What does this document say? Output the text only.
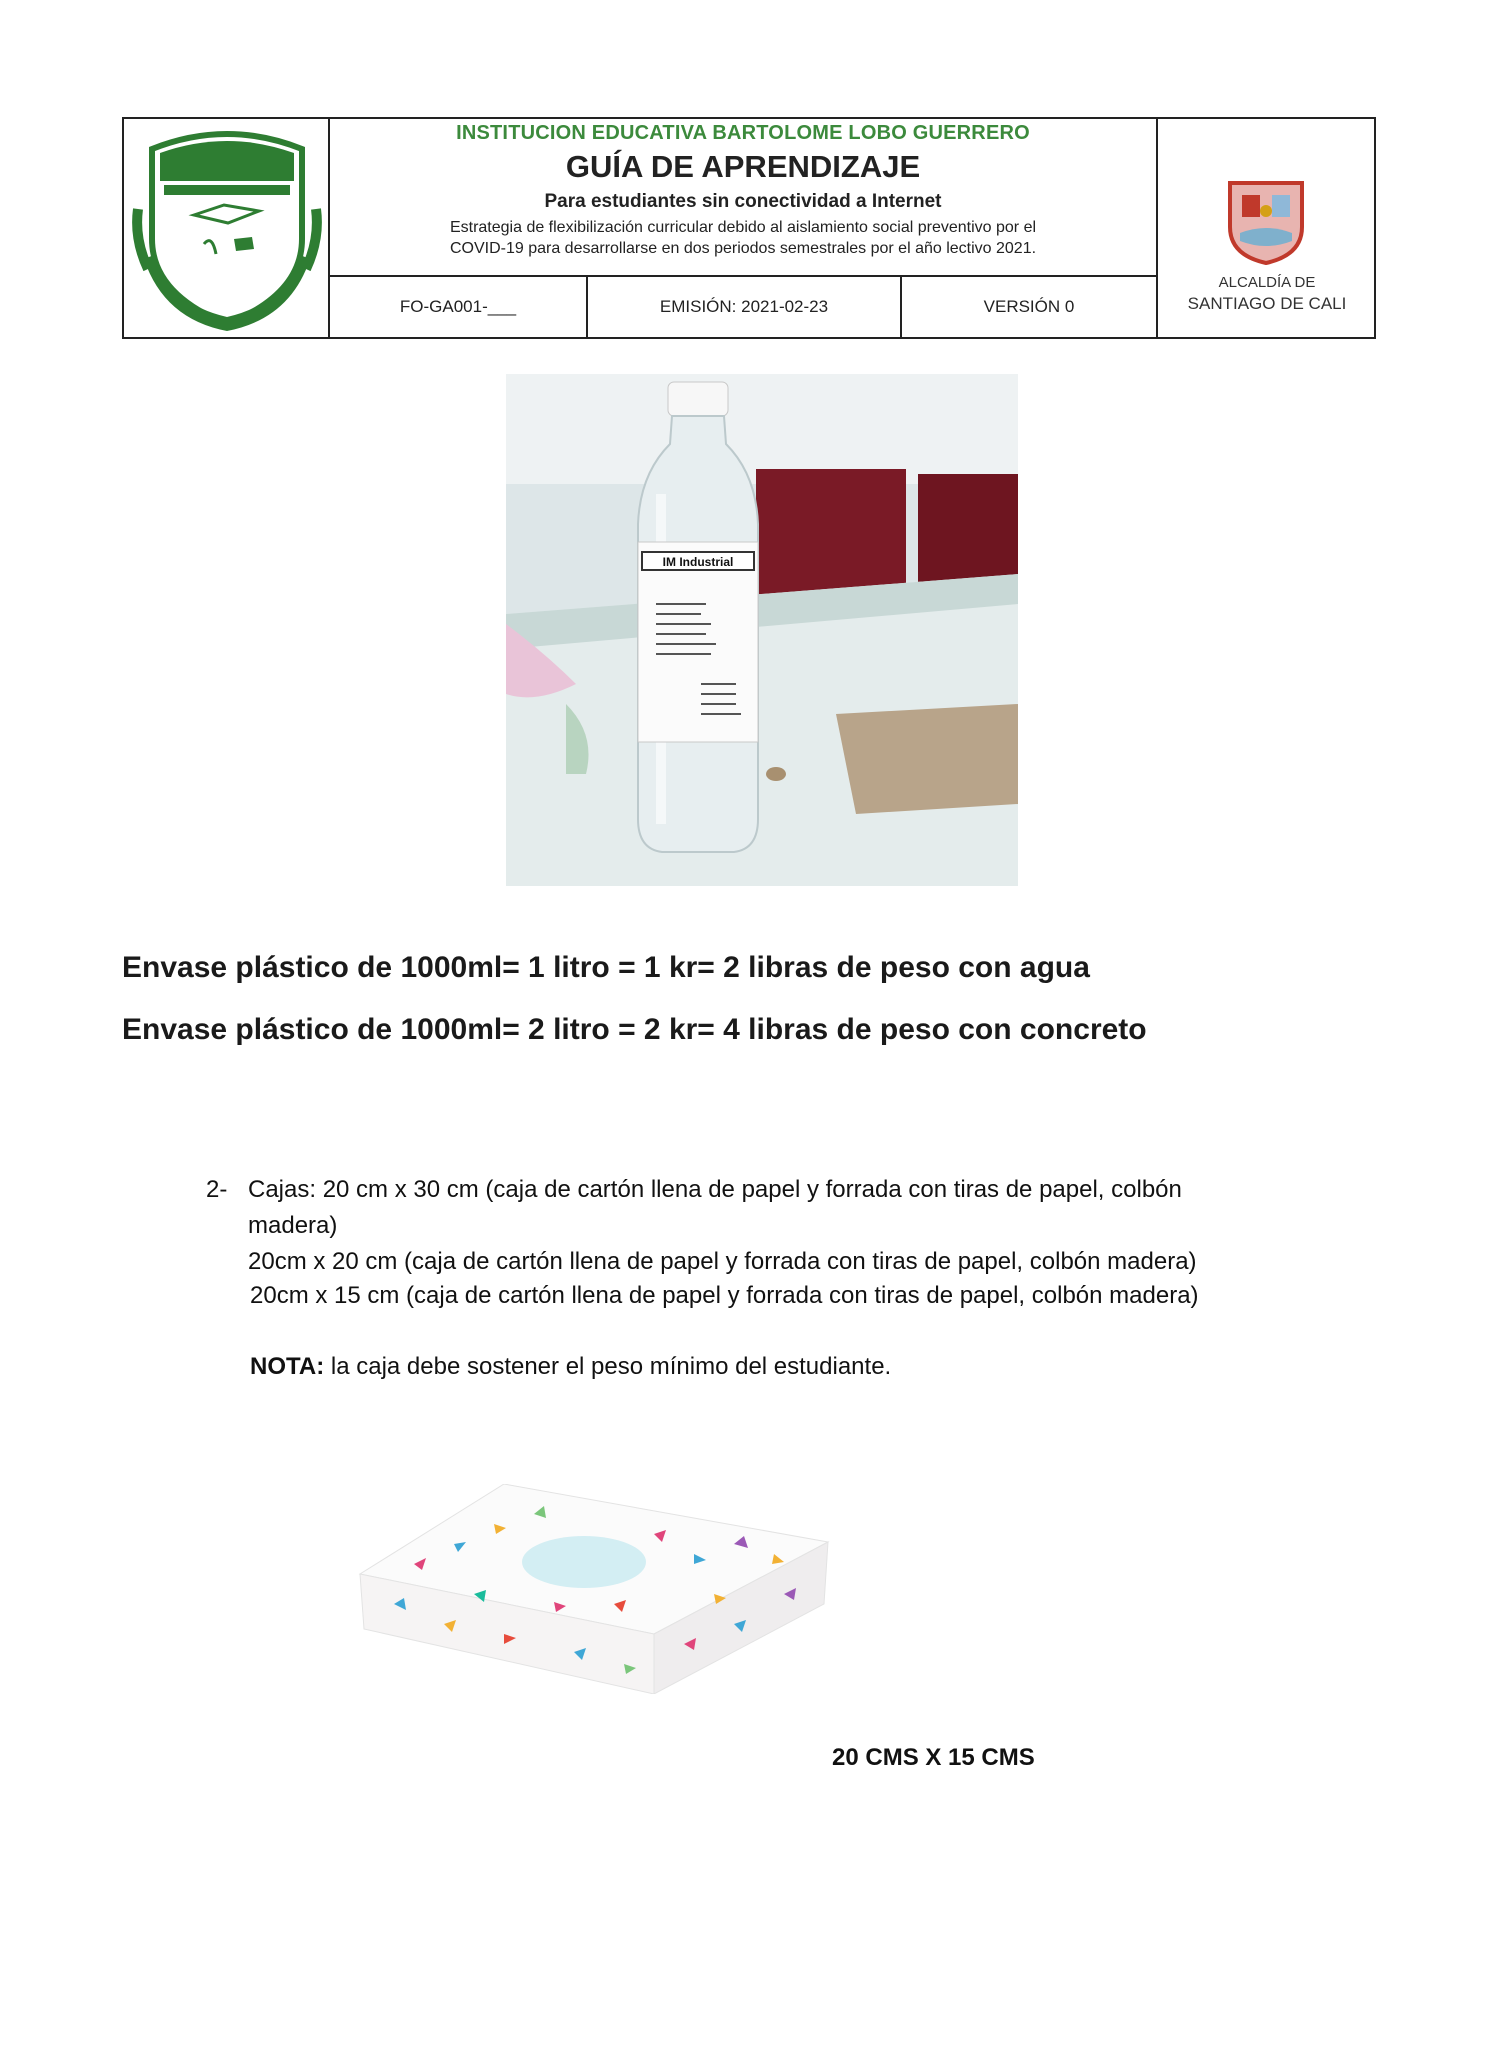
INSTITUCION EDUCATIVA BARTOLOME LOBO GUERRERO
GUÍA DE APRENDIZAJE
Para estudiantes sin conectividad a Internet
Estrategia de flexibilización curricular debido al aislamiento social preventivo por el
COVID-19 para desarrollarse en dos periodos semestrales por el año lectivo 2021.
ALCALDÍA DE
SANTIAGO DE CALI
FO-GA001-___	EMISIÓN: 2021-02-23	VERSIÓN 0
IM Industrial
Envase plástico de 1000ml= 1 litro = 1 kr= 2 libras de peso con agua
Envase plástico de 1000ml= 2 litro = 2 kr= 4 libras de peso con concreto
2- Cajas: 20 cm x 30 cm (caja de cartón llena de papel y forrada con tiras de papel, colbón
madera)
20cm x 20 cm (caja de cartón llena de papel y forrada con tiras de papel, colbón madera)
20cm x 15 cm (caja de cartón llena de papel y forrada con tiras de papel, colbón madera)
NOTA: la caja debe sostener el peso mínimo del estudiante.
20 CMS X 15 CMS
